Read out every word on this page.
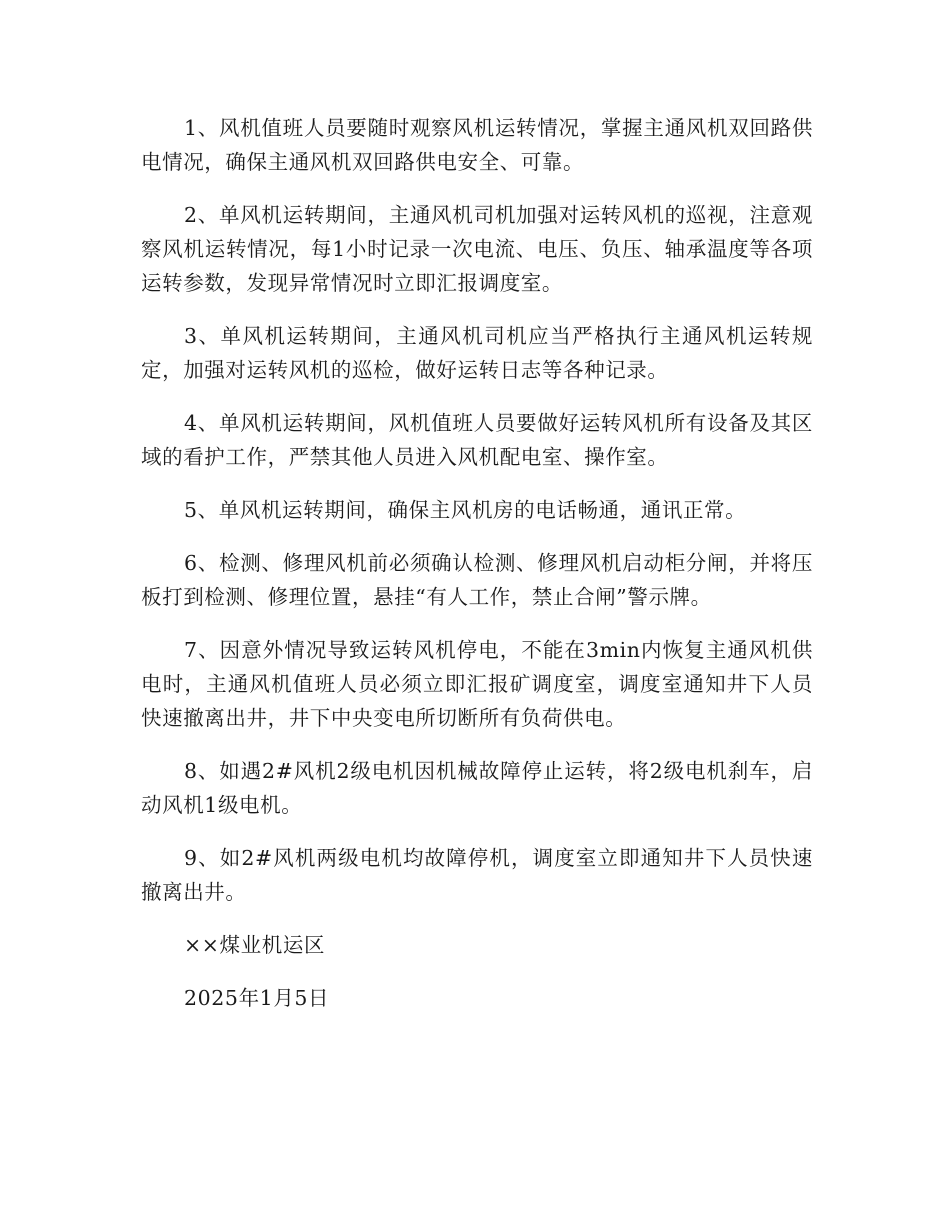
1、风机值班人员要随时观察风机运转情况，掌握主通风机双回路供电情况，确保主通风机双回路供电安全、可靠。

2、单风机运转期间，主通风机司机加强对运转风机的巡视，注意观察风机运转情况，每1小时记录一次电流、电压、负压、轴承温度等各项运转参数，发现异常情况时立即汇报调度室。

3、单风机运转期间，主通风机司机应当严格执行主通风机运转规定，加强对运转风机的巡检，做好运转日志等各种记录。

4、单风机运转期间，风机值班人员要做好运转风机所有设备及其区域的看护工作，严禁其他人员进入风机配电室、操作室。

5、单风机运转期间，确保主风机房的电话畅通，通讯正常。

6、检测、修理风机前必须确认检测、修理风机启动柜分闸，并将压板打到检测、修理位置，悬挂“有人工作，禁止合闸”警示牌。

7、因意外情况导致运转风机停电，不能在3min内恢复主通风机供电时，主通风机值班人员必须立即汇报矿调度室，调度室通知井下人员快速撤离出井，井下中央变电所切断所有负荷供电。

8、如遇2#风机2级电机因机械故障停止运转，将2级电机刹车，启动风机1级电机。

9、如2#风机两级电机均故障停机，调度室立即通知井下人员快速撤离出井。

××煤业机运区

2025年1月5日
